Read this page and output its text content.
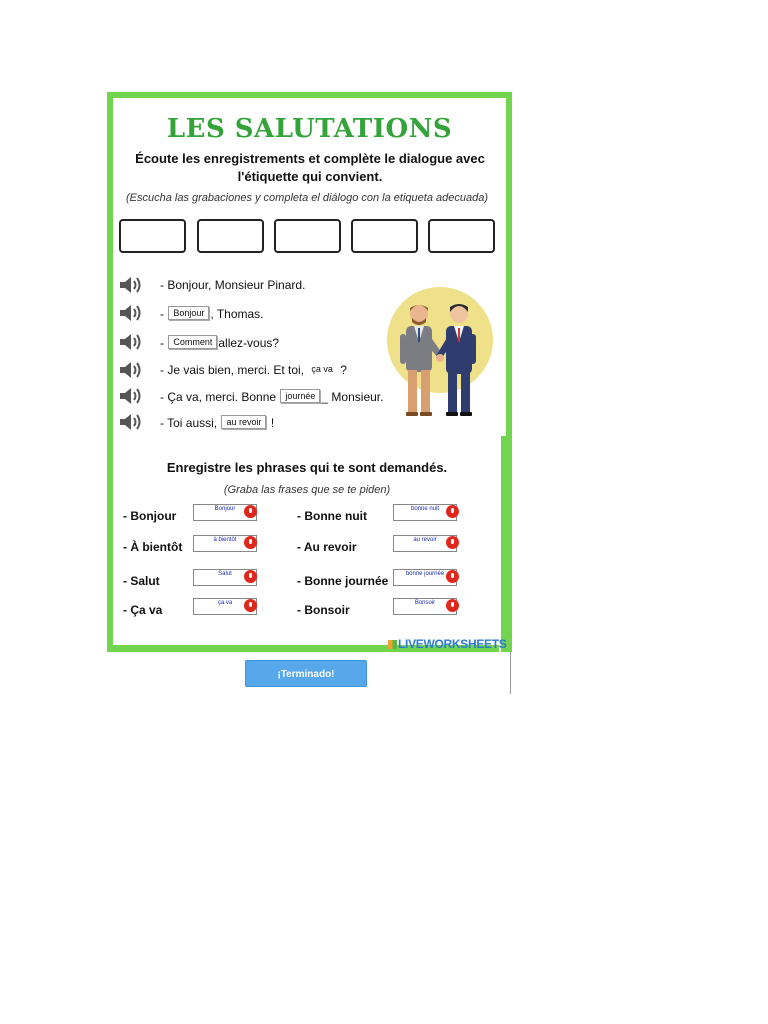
LES SALUTATIONS
Écoute les enregistrements et complète le dialogue avec l'étiquette qui convient.
(Escucha las grabaciones y completa el diálogo con la etiqueta adecuada)
- Bonjour, Monsieur Pinard.
- Bonjour , Thomas.
- Comment allez-vous?
- Je vais bien, merci. Et toi, ça va ?
- Ça va, merci. Bonne journée _ Monsieur.
- Toi aussi, au revoir !
Enregistre les phrases qui te sont demandés.
(Graba las frases que se te piden)
- Bonjour	Bonjour
- À bientôt	à bientôt
- Salut	Salut
- Ça va	ça va
- Bonne nuit	bonne nuit
- Au revoir	au revoir
- Bonne journée	bonne journée
- Bonsoir	Bonsoir
LIVEWORKSHEETS
¡Terminado!
